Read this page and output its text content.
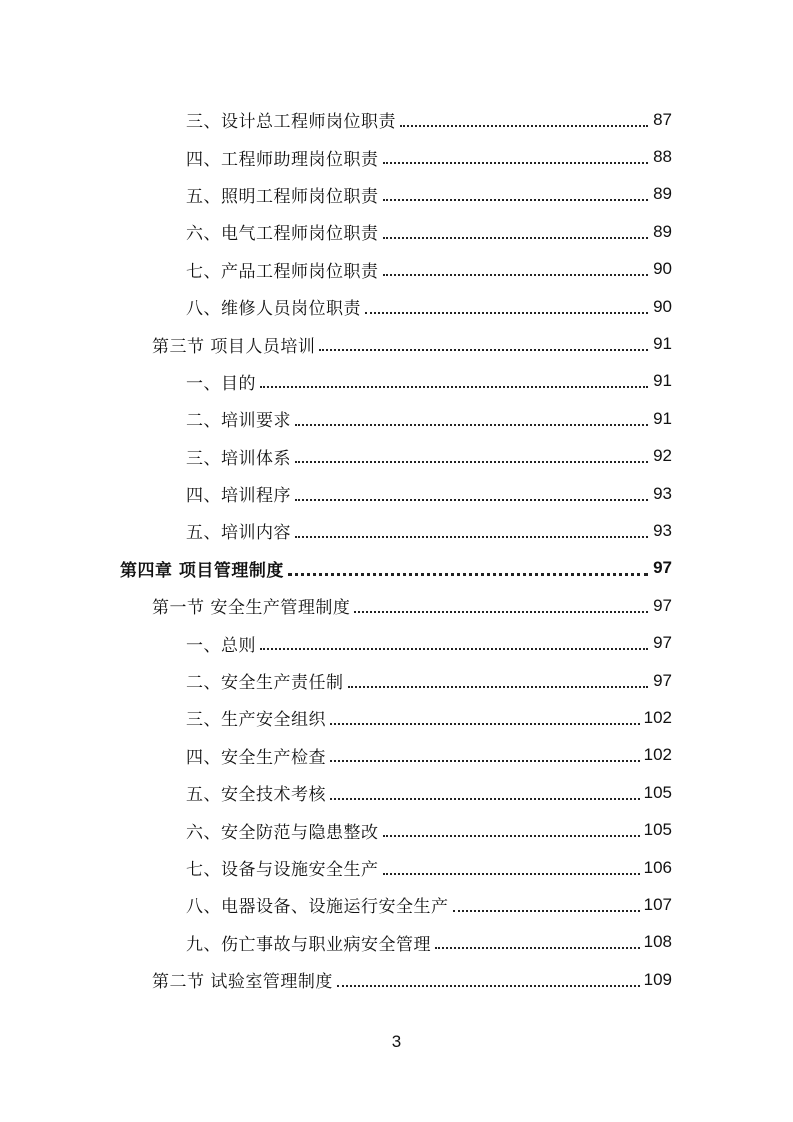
三、设计总工程师岗位职责	87
四、工程师助理岗位职责	88
五、照明工程师岗位职责	89
六、电气工程师岗位职责	89
七、产品工程师岗位职责	90
八、维修人员岗位职责	90
第三节 项目人员培训	91
一、目的	91
二、培训要求	91
三、培训体系	92
四、培训程序	93
五、培训内容	93
第四章 项目管理制度	97
第一节 安全生产管理制度	97
一、总则	97
二、安全生产责任制	97
三、生产安全组织	102
四、安全生产检查	102
五、安全技术考核	105
六、安全防范与隐患整改	105
七、设备与设施安全生产	106
八、电器设备、设施运行安全生产	107
九、伤亡事故与职业病安全管理	108
第二节 试验室管理制度	109
3
